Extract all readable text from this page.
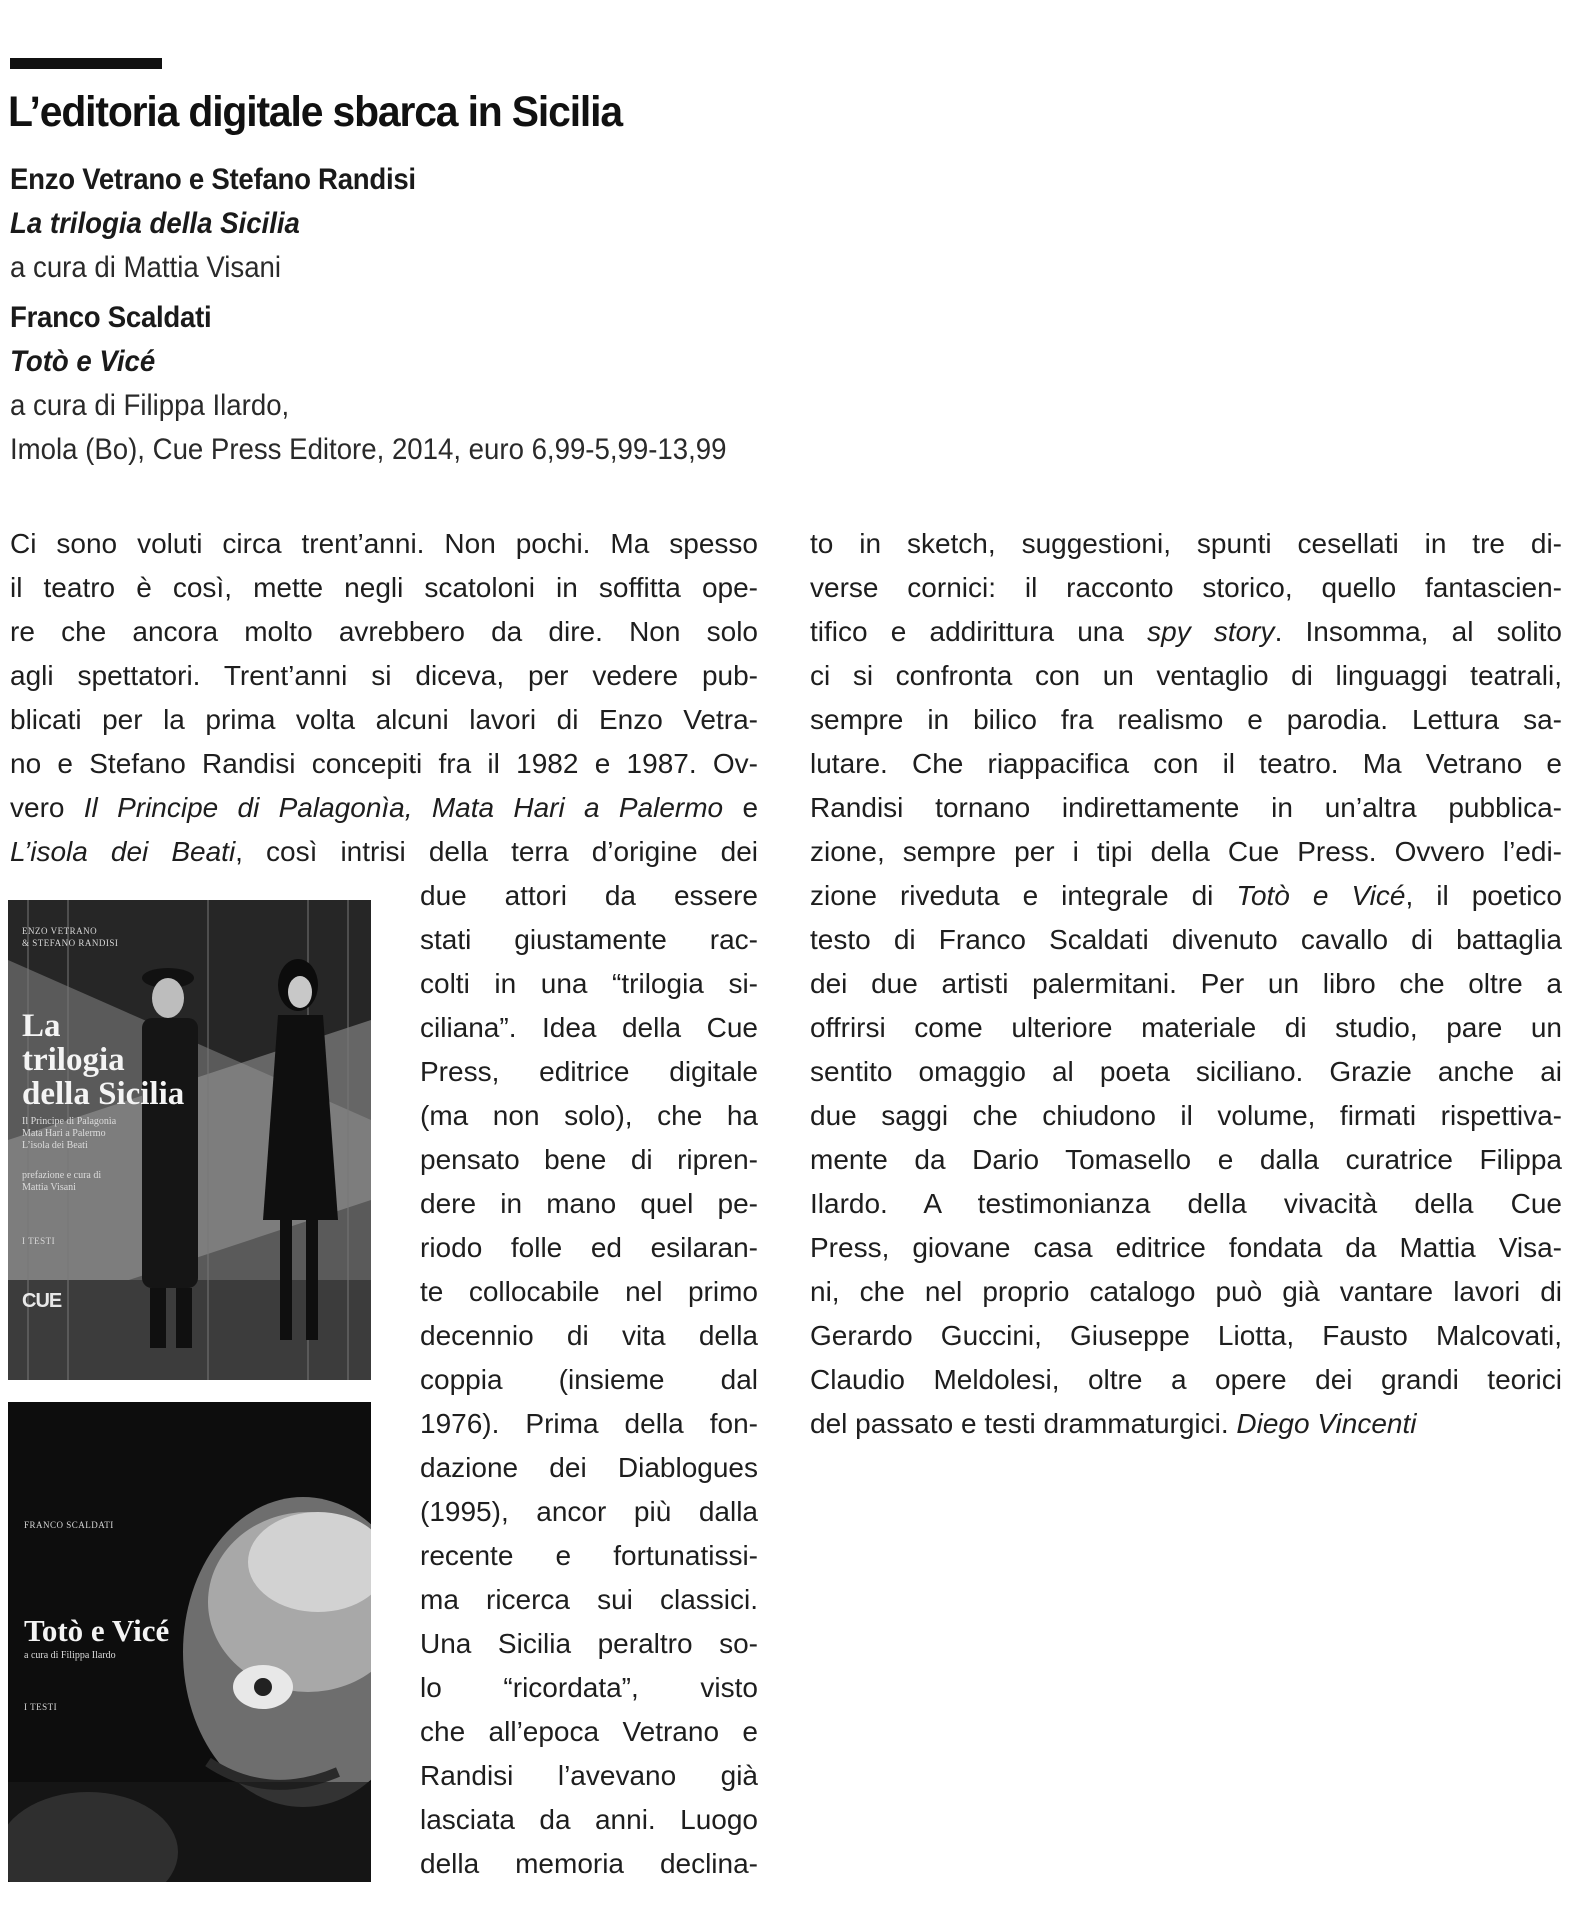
L’editoria digitale sbarca in Sicilia
Enzo Vetrano e Stefano Randisi
La trilogia della Sicilia
a cura di Mattia Visani
Franco Scaldati
Totò e Vicé
a cura di Filippa Ilardo,
Imola (Bo), Cue Press Editore, 2014, euro 6,99-5,99-13,99
Ci sono voluti circa trent’anni. Non pochi. Ma spesso
il teatro è così, mette negli scatoloni in soffitta ope-
re che ancora molto avrebbero da dire. Non solo
agli spettatori. Trent’anni si diceva, per vedere pub-
blicati per la prima volta alcuni lavori di Enzo Vetra-
no e Stefano Randisi concepiti fra il 1982 e 1987. Ov-
vero Il Principe di Palagonìa, Mata Hari a Palermo e
L’isola dei Beati, così intrisi della terra d’origine dei
due attori da essere
stati giustamente rac-
colti in una “trilogia si-
ciliana”. Idea della Cue
Press, editrice digitale
(ma non solo), che ha
pensato bene di ripren-
dere in mano quel pe-
riodo folle ed esilaran-
te collocabile nel primo
decennio di vita della
coppia (insieme dal
1976). Prima della fon-
dazione dei Diablogues
(1995), ancor più dalla
recente e fortunatissi-
ma ricerca sui classici.
Una Sicilia peraltro so-
lo “ricordata”, visto
che all’epoca Vetrano e
Randisi l’avevano già
lasciata da anni. Luogo
della memoria declina-
to in sketch, suggestioni, spunti cesellati in tre di-
verse cornici: il racconto storico, quello fantascien-
tifico e addirittura una spy story. Insomma, al solito
ci si confronta con un ventaglio di linguaggi teatrali,
sempre in bilico fra realismo e parodia. Lettura sa-
lutare. Che riappacifica con il teatro. Ma Vetrano e
Randisi tornano indirettamente in un’altra pubblica-
zione, sempre per i tipi della Cue Press. Ovvero l’edi-
zione riveduta e integrale di Totò e Vicé, il poetico
testo di Franco Scaldati divenuto cavallo di battaglia
dei due artisti palermitani. Per un libro che oltre a
offrirsi come ulteriore materiale di studio, pare un
sentito omaggio al poeta siciliano. Grazie anche ai
due saggi che chiudono il volume, firmati rispettiva-
mente da Dario Tomasello e dalla curatrice Filippa
Ilardo. A testimonianza della vivacità della Cue
Press, giovane casa editrice fondata da Mattia Visa-
ni, che nel proprio catalogo può già vantare lavori di
Gerardo Guccini, Giuseppe Liotta, Fausto Malcovati,
Claudio Meldolesi, oltre a opere dei grandi teorici
del passato e testi drammaturgici. Diego Vincenti
ENZO VETRANO
& STEFANO RANDISI
La
trilogia
della Sicilia
Il Principe di Palagonìa
Mata Hari a Palermo
L’isola dei Beati
prefazione e cura di
Mattia Visani
I TESTI
CUE
FRANCO SCALDATI
Totò e Vicé
a cura di Filippa Ilardo
I TESTI
